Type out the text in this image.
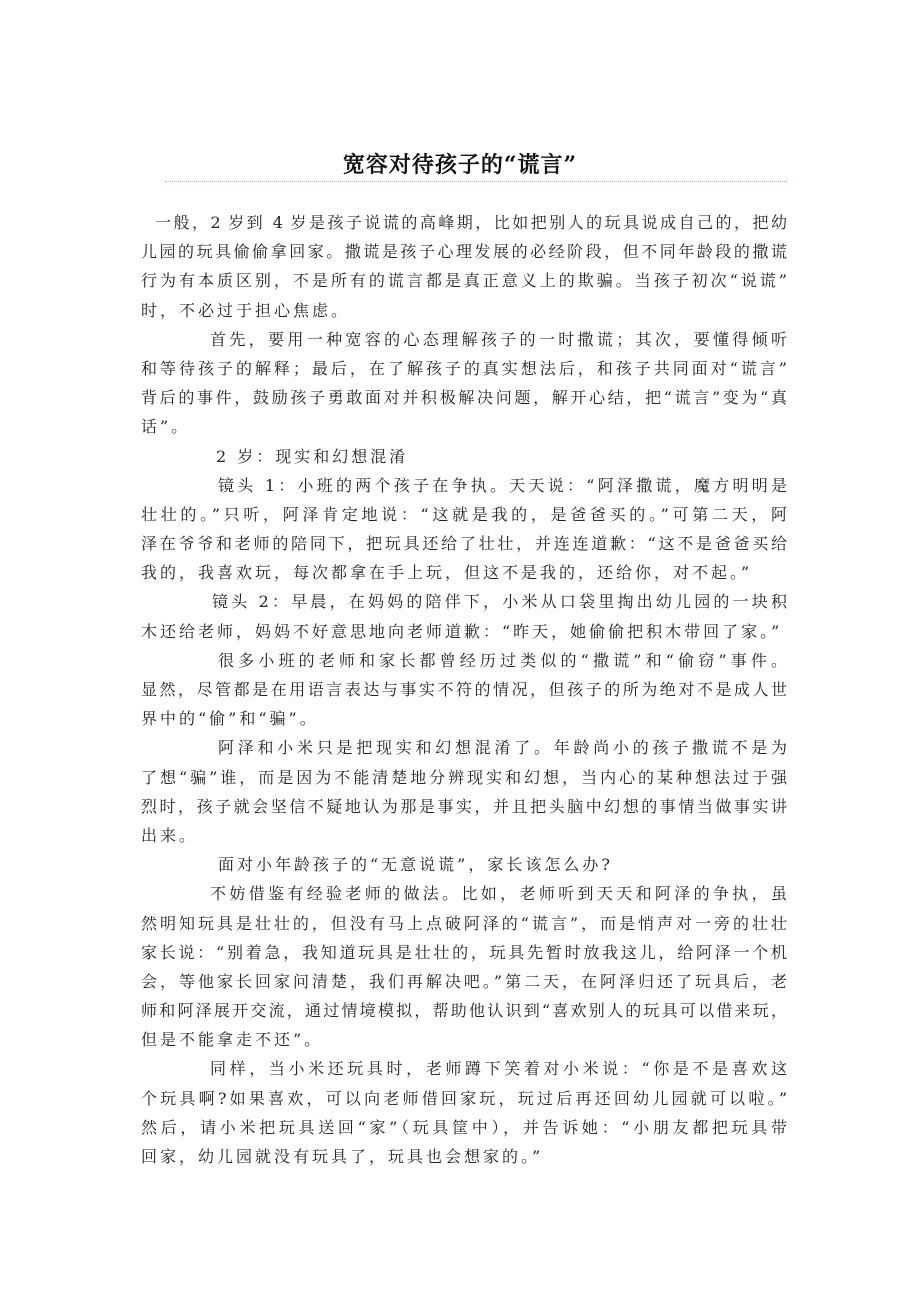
宽容对待孩子的“谎言”
一般，2 岁到 4 岁是孩子说谎的高峰期，比如把别人的玩具说成自己的，把幼
儿园的玩具偷偷拿回家。撒谎是孩子心理发展的必经阶段，但不同年龄段的撒谎
行为有本质区别，不是所有的谎言都是真正意义上的欺骗。当孩子初次“说谎”
时，不必过于担心焦虑。
首先，要用一种宽容的心态理解孩子的一时撒谎；其次，要懂得倾听
和等待孩子的解释；最后，在了解孩子的真实想法后，和孩子共同面对“谎言”
背后的事件，鼓励孩子勇敢面对并积极解决问题，解开心结，把“谎言”变为“真
话”。
2 岁：现实和幻想混淆
镜头 1：小班的两个孩子在争执。天天说：“阿泽撒谎，魔方明明是
壮壮的。”只听，阿泽肯定地说：“这就是我的，是爸爸买的。”可第二天，阿
泽在爷爷和老师的陪同下，把玩具还给了壮壮，并连连道歉：“这不是爸爸买给
我的，我喜欢玩，每次都拿在手上玩，但这不是我的，还给你，对不起。”
镜头 2：早晨，在妈妈的陪伴下，小米从口袋里掏出幼儿园的一块积
木还给老师，妈妈不好意思地向老师道歉：“昨天，她偷偷把积木带回了家。”
很多小班的老师和家长都曾经历过类似的“撒谎”和“偷窃”事件。
显然，尽管都是在用语言表达与事实不符的情况，但孩子的所为绝对不是成人世
界中的“偷”和“骗”。
阿泽和小米只是把现实和幻想混淆了。年龄尚小的孩子撒谎不是为
了想“骗”谁，而是因为不能清楚地分辨现实和幻想，当内心的某种想法过于强
烈时，孩子就会坚信不疑地认为那是事实，并且把头脑中幻想的事情当做事实讲
出来。
面对小年龄孩子的“无意说谎”，家长该怎么办?
不妨借鉴有经验老师的做法。比如，老师听到天天和阿泽的争执，虽
然明知玩具是壮壮的，但没有马上点破阿泽的“谎言”，而是悄声对一旁的壮壮
家长说：“别着急，我知道玩具是壮壮的，玩具先暂时放我这儿，给阿泽一个机
会，等他家长回家问清楚，我们再解决吧。”第二天，在阿泽归还了玩具后，老
师和阿泽展开交流，通过情境模拟，帮助他认识到“喜欢别人的玩具可以借来玩，
但是不能拿走不还”。
同样，当小米还玩具时，老师蹲下笑着对小米说：“你是不是喜欢这
个玩具啊?如果喜欢，可以向老师借回家玩，玩过后再还回幼儿园就可以啦。”
然后，请小米把玩具送回“家”（玩具筐中），并告诉她：“小朋友都把玩具带
回家，幼儿园就没有玩具了，玩具也会想家的。”
